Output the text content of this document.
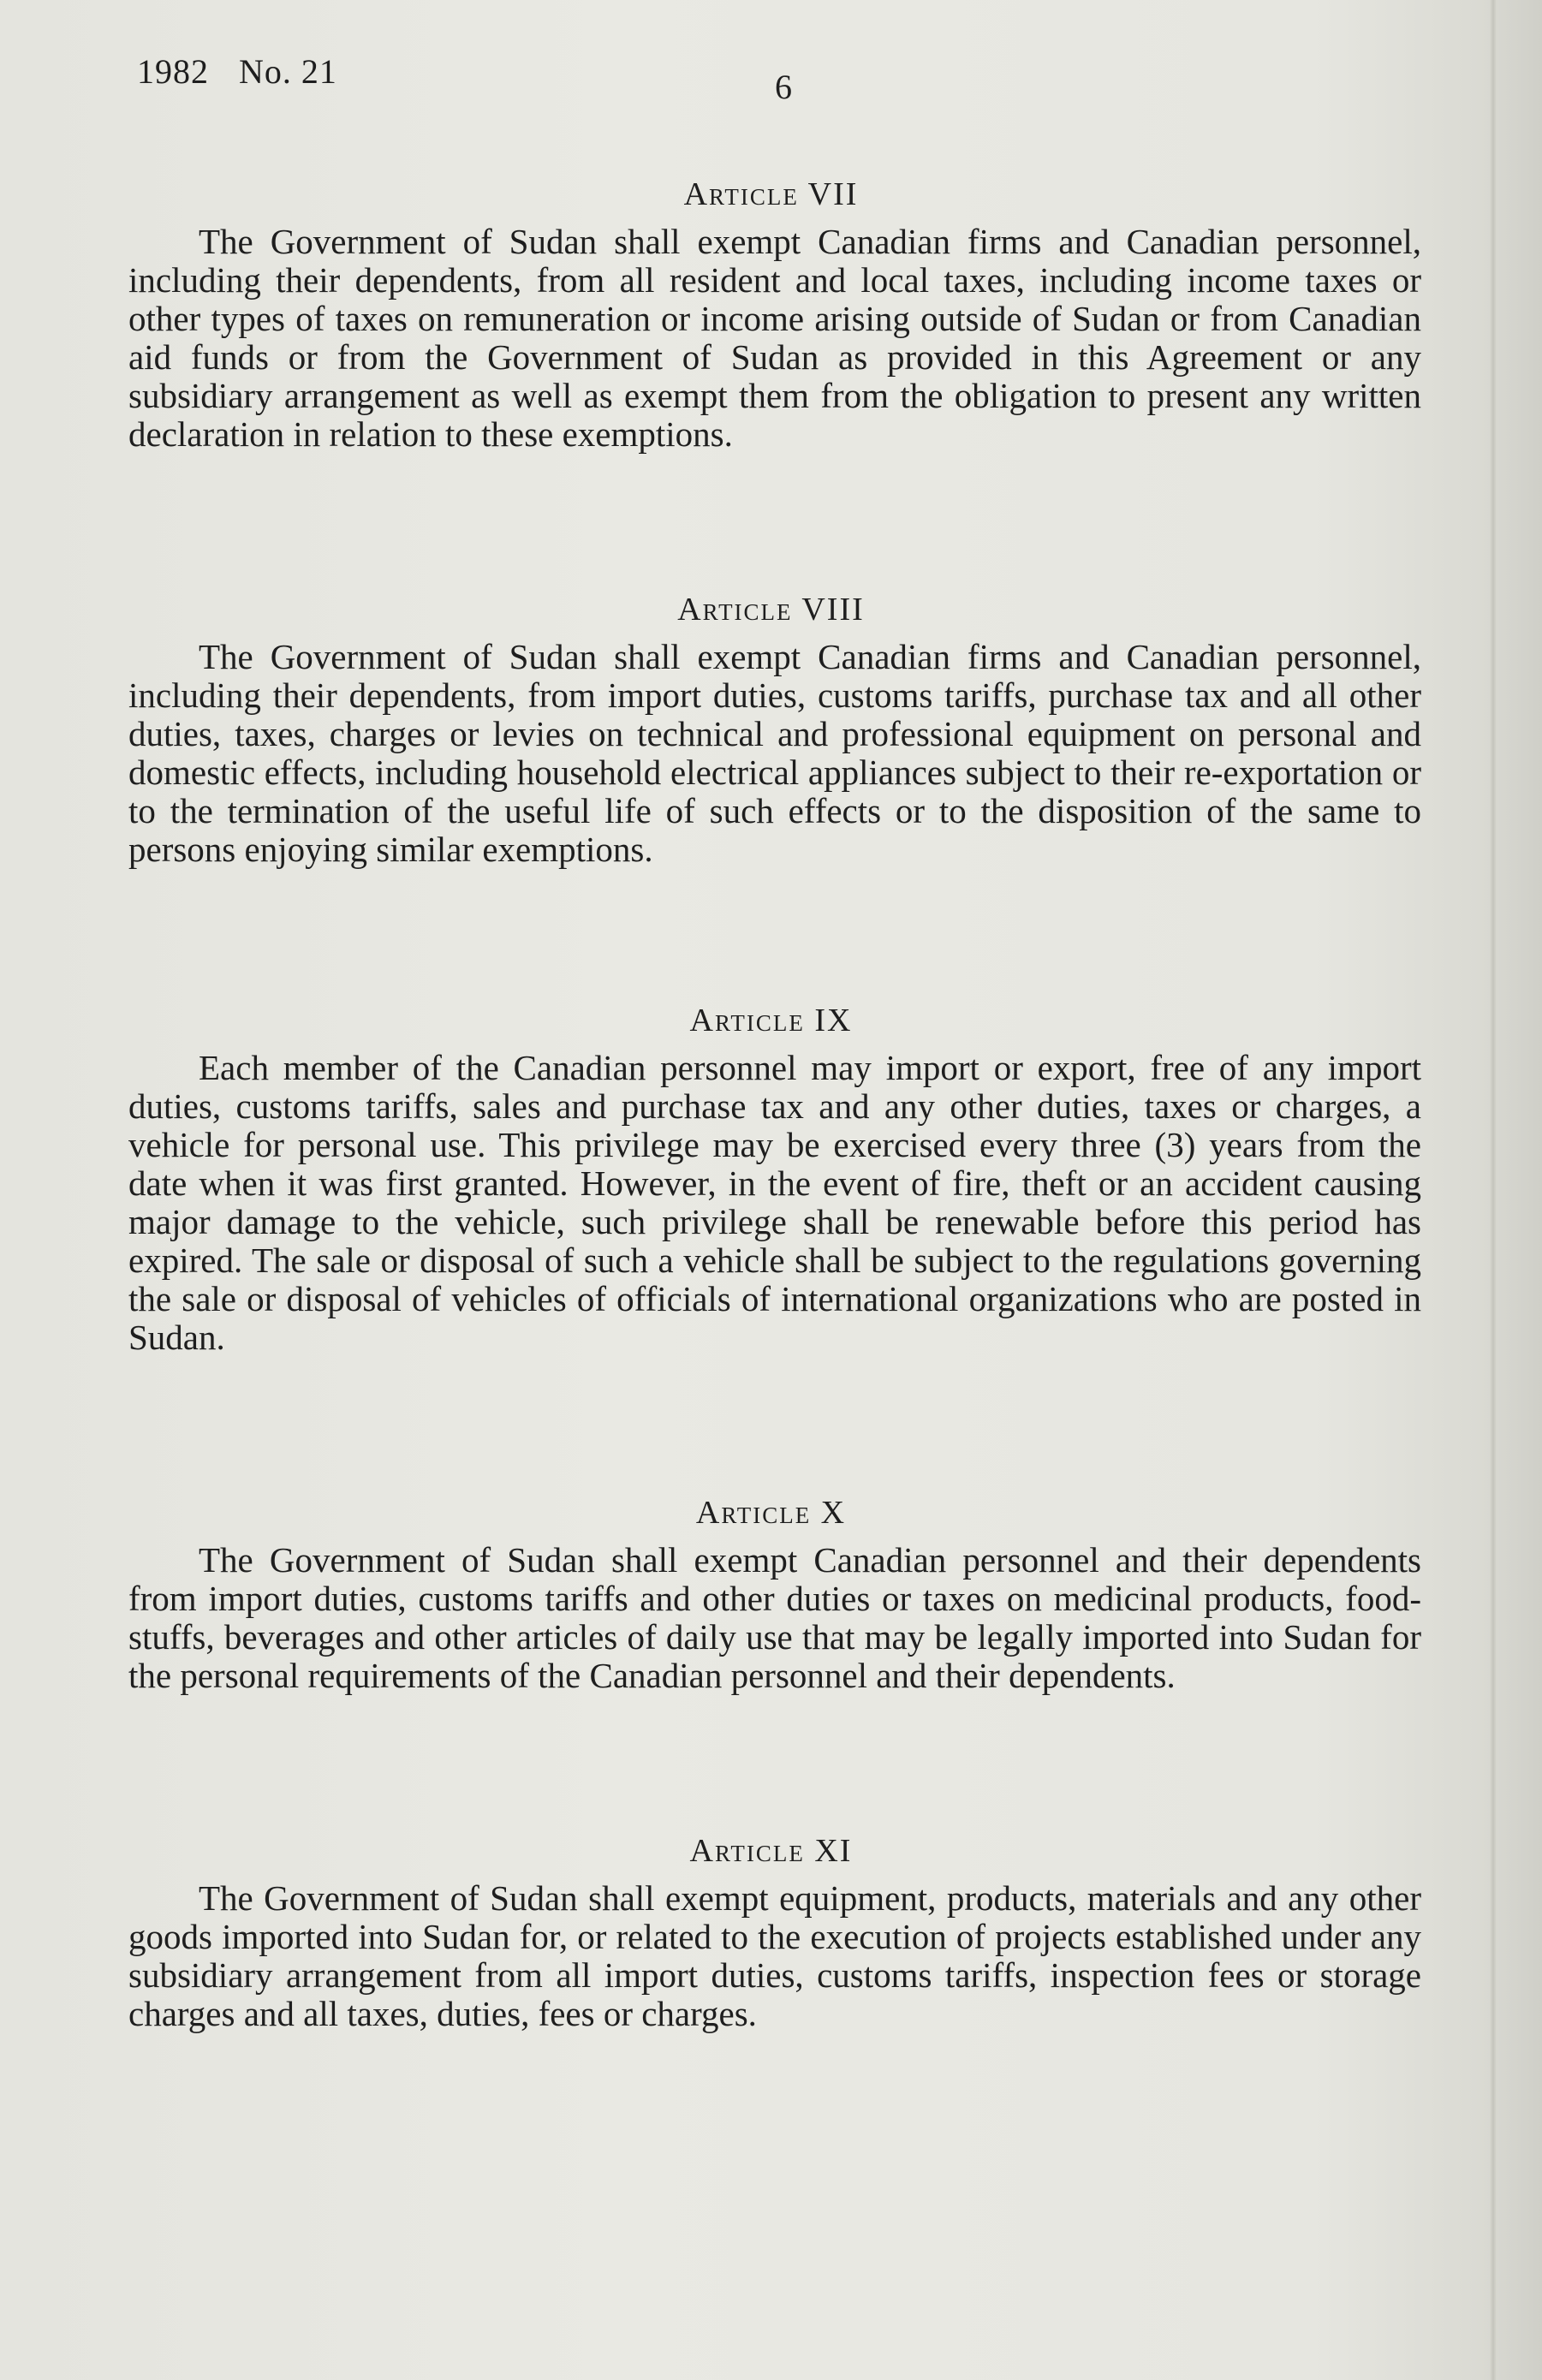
1982 No. 21	6
Article VII

The Government of Sudan shall exempt Canadian firms and Canadian personnel, including their dependents, from all resident and local taxes, including income taxes or other types of taxes on remuneration or income arising outside of Sudan or from Canadian aid funds or from the Government of Sudan as provided in this Agreement or any subsidiary arrangement as well as exempt them from the obligation to present any written declaration in relation to these exemptions.

Article VIII

The Government of Sudan shall exempt Canadian firms and Canadian personnel, including their dependents, from import duties, customs tariffs, purchase tax and all other duties, taxes, charges or levies on technical and professional equipment on personal and domestic effects, including household electrical appliances subject to their re-exportation or to the termination of the useful life of such effects or to the disposition of the same to persons enjoying similar exemptions.

Article IX

Each member of the Canadian personnel may import or export, free of any import duties, customs tariffs, sales and purchase tax and any other duties, taxes or charges, a vehicle for personal use. This privilege may be exercised every three (3) years from the date when it was first granted. However, in the event of fire, theft or an accident causing major damage to the vehicle, such privilege shall be renewable before this period has expired. The sale or disposal of such a vehicle shall be subject to the regulations governing the sale or disposal of vehicles of officials of international organizations who are posted in Sudan.

Article X

The Government of Sudan shall exempt Canadian personnel and their dependents from import duties, customs tariffs and other duties or taxes on medicinal products, food-stuffs, beverages and other articles of daily use that may be legally imported into Sudan for the personal requirements of the Canadian personnel and their dependents.

Article XI

The Government of Sudan shall exempt equipment, products, materials and any other goods imported into Sudan for, or related to the execution of projects established under any subsidiary arrangement from all import duties, customs tariffs, inspection fees or storage charges and all taxes, duties, fees or charges.
